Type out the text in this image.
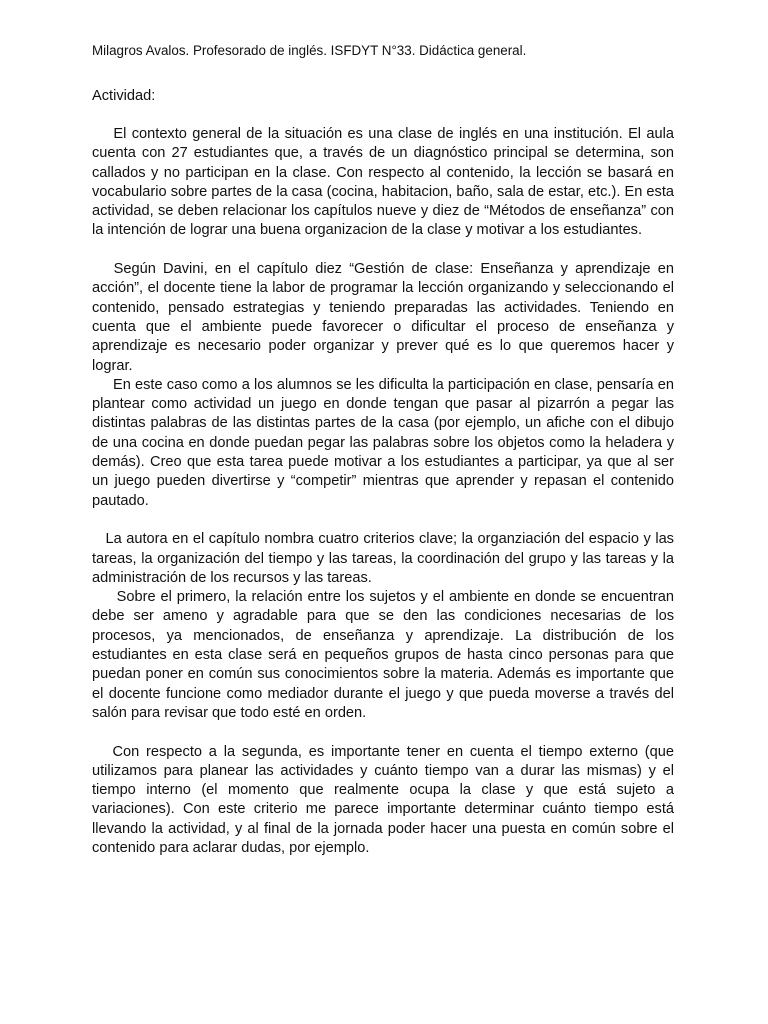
Milagros Avalos. Profesorado de inglés. ISFDYT N°33. Didáctica general.
Actividad:

El contexto general de la situación es una clase de inglés en una institución. El aula cuenta con 27 estudiantes que, a través de un diagnóstico principal se determina, son callados y no participan en la clase. Con respecto al contenido, la lección se basará en vocabulario sobre partes de la casa (cocina, habitacion, baño, sala de estar, etc.). En esta actividad, se deben relacionar los capítulos nueve y diez de “Métodos de enseñanza” con la intención de lograr una buena organizacion de la clase y motivar a los estudiantes.

Según Davini, en el capítulo diez “Gestión de clase: Enseñanza y aprendizaje en acción”, el docente tiene la labor de programar la lección organizando y seleccionando el contenido, pensado estrategias y teniendo preparadas las actividades. Teniendo en cuenta que el ambiente puede favorecer o dificultar el proceso de enseñanza y aprendizaje es necesario poder organizar y prever qué es lo que queremos hacer y lograr.

En este caso como a los alumnos se les dificulta la participación en clase, pensaría en plantear como actividad un juego en donde tengan que pasar al pizarrón a pegar las distintas palabras de las distintas partes de la casa (por ejemplo, un afiche con el dibujo de una cocina en donde puedan pegar las palabras sobre los objetos como la heladera y demás). Creo que esta tarea puede motivar a los estudiantes a participar, ya que al ser un juego pueden divertirse y “competir” mientras que aprender y repasan el contenido pautado.

La autora en el capítulo nombra cuatro criterios clave; la organziación del espacio y las tareas, la organización del tiempo y las tareas, la coordinación del grupo y las tareas y la administración de los recursos y las tareas.

Sobre el primero, la relación entre los sujetos y el ambiente en donde se encuentran debe ser ameno y agradable para que se den las condiciones necesarias de los procesos, ya mencionados, de enseñanza y aprendizaje. La distribución de los estudiantes en esta clase será en pequeños grupos de hasta cinco personas para que puedan poner en común sus conocimientos sobre la materia. Además es importante que el docente funcione como mediador durante el juego y que pueda moverse a través del salón para revisar que todo esté en orden.

Con respecto a la segunda, es importante tener en cuenta el tiempo externo (que utilizamos para planear las actividades y cuánto tiempo van a durar las mismas) y el tiempo interno (el momento que realmente ocupa la clase y que está sujeto a variaciones). Con este criterio me parece importante determinar cuánto tiempo está llevando la actividad, y al final de la jornada poder hacer una puesta en común sobre el contenido para aclarar dudas, por ejemplo.
